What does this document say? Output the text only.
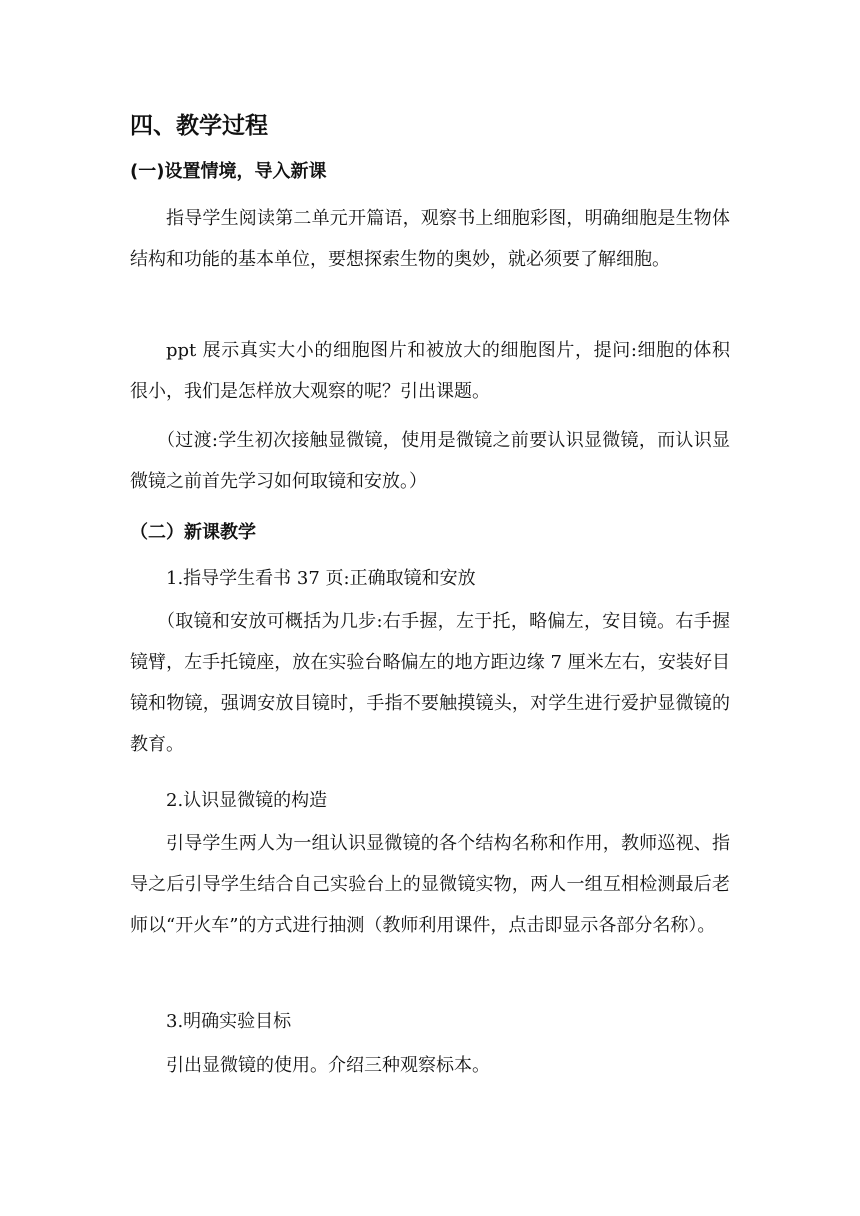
四、教学过程
(一)设置情境，导入新课

指导学生阅读第二单元开篇语，观察书上细胞彩图，明确细胞是生物体结构和功能的基本单位，要想探索生物的奥妙，就必须要了解细胞。

ppt 展示真实大小的细胞图片和被放大的细胞图片，提问:细胞的体积很小，我们是怎样放大观察的呢？引出课题。

（过渡:学生初次接触显微镜，使用是微镜之前要认识显微镜，而认识显微镜之前首先学习如何取镜和安放。）

（二）新课教学

1.指导学生看书 37 页:正确取镜和安放

（取镜和安放可概括为几步:右手握，左于托，略偏左，安目镜。右手握镜臂，左手托镜座，放在实验台略偏左的地方距边缘 7 厘米左右，安装好目镜和物镜，强调安放目镜时，手指不要触摸镜头，对学生进行爱护显微镜的教育。

2.认识显微镜的构造

引导学生两人为一组认识显微镜的各个结构名称和作用，教师巡视、指导之后引导学生结合自己实验台上的显微镜实物，两人一组互相检测最后老师以“开火车”的方式进行抽测（教师利用课件，点击即显示各部分名称）。

3.明确实验目标

引出显微镜的使用。介绍三种观察标本。
